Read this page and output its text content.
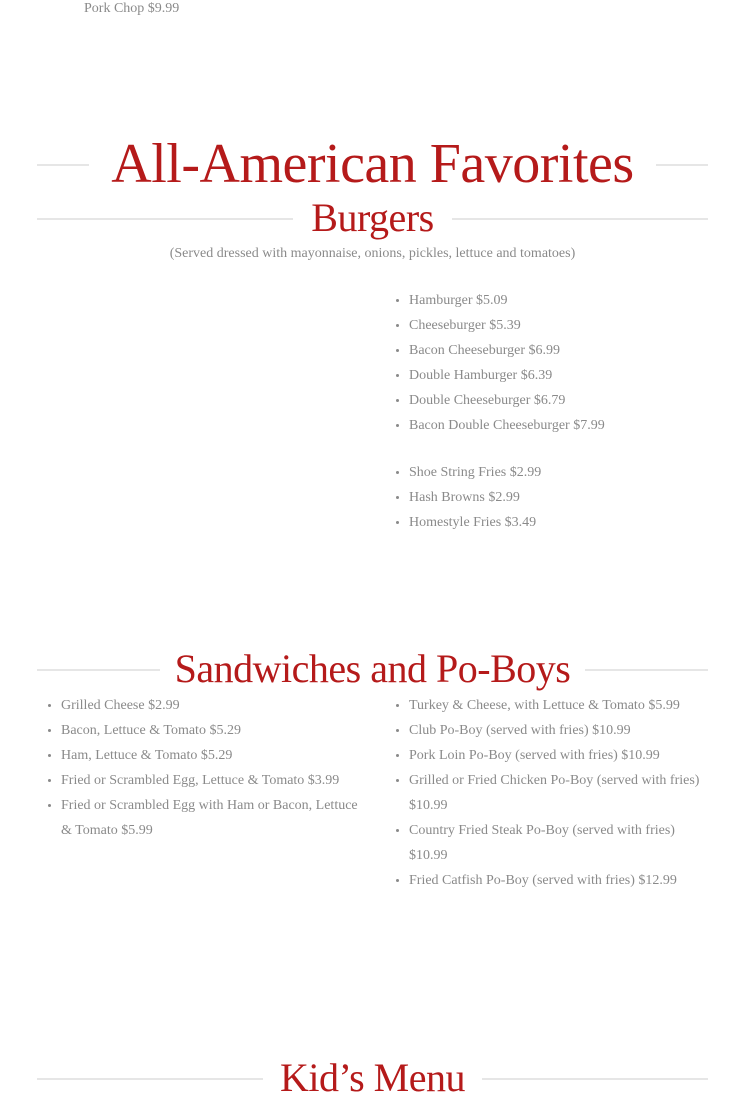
Pork Chop $9.99
All-American Favorites
Burgers
(Served dressed with mayonnaise, onions, pickles, lettuce and tomatoes)
• Hamburger $5.09
• Cheeseburger $5.39
• Bacon Cheeseburger $6.99
• Double Hamburger $6.39
• Double Cheeseburger $6.79
• Bacon Double Cheeseburger $7.99
• Shoe String Fries $2.99
• Hash Browns $2.99
• Homestyle Fries $3.49
Sandwiches and Po-Boys
• Grilled Cheese $2.99
• Bacon, Lettuce & Tomato $5.29
• Ham, Lettuce & Tomato $5.29
• Fried or Scrambled Egg, Lettuce & Tomato $3.99
• Fried or Scrambled Egg with Ham or Bacon, Lettuce & Tomato $5.99
• Turkey & Cheese, with Lettuce & Tomato $5.99
• Club Po-Boy (served with fries) $10.99
• Pork Loin Po-Boy (served with fries) $10.99
• Grilled or Fried Chicken Po-Boy (served with fries) $10.99
• Country Fried Steak Po-Boy (served with fries) $10.99
• Fried Catfish Po-Boy (served with fries) $12.99
Kid’s Menu
